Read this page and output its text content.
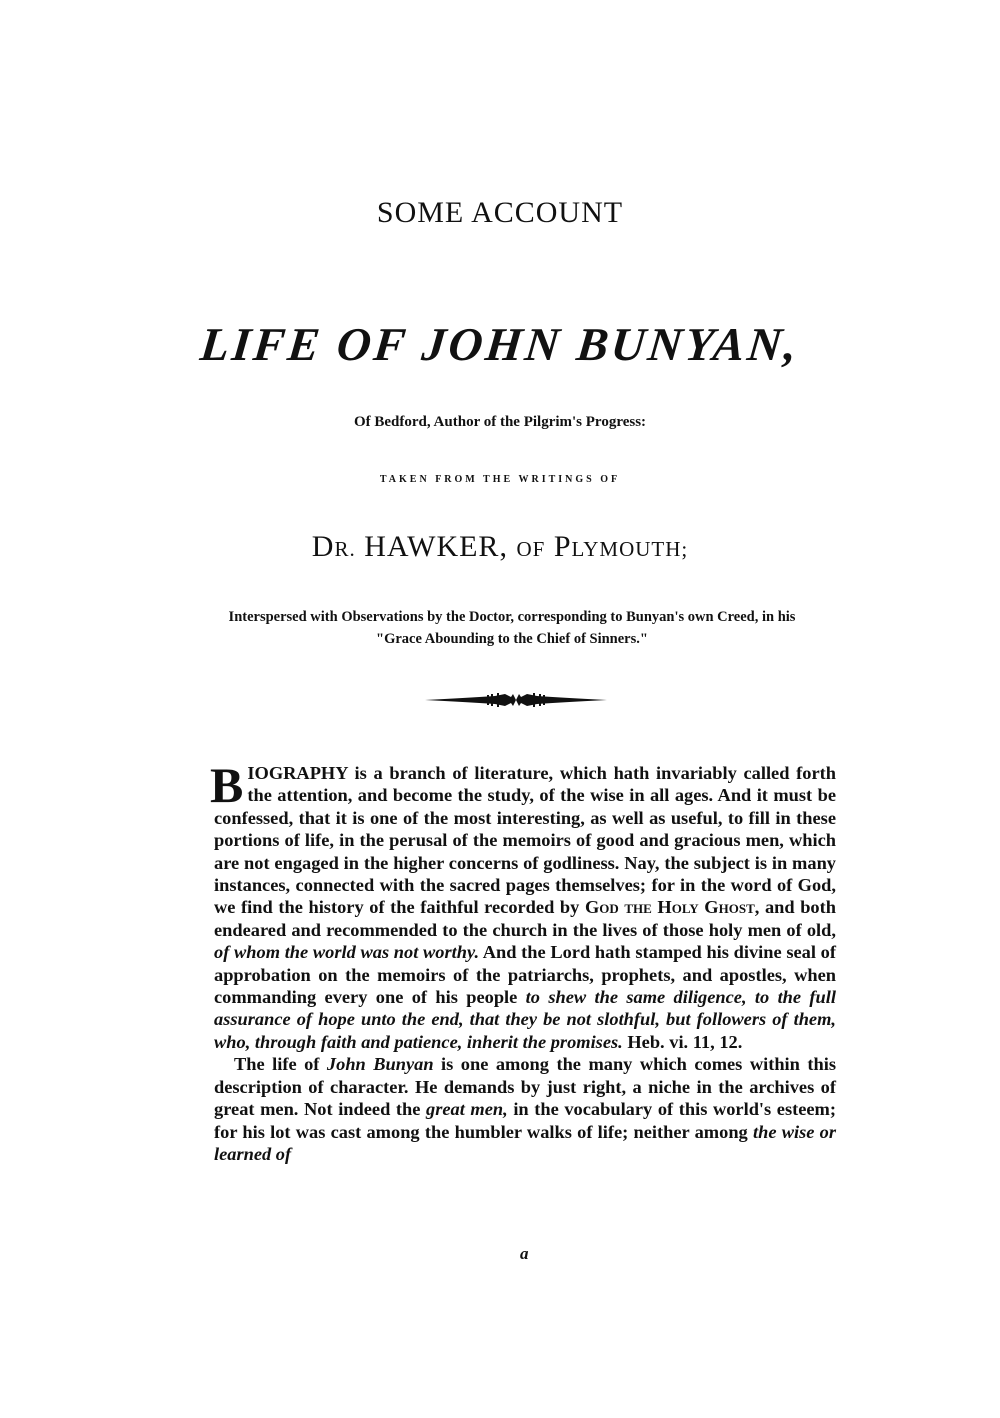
SOME ACCOUNT
LIFE OF JOHN BUNYAN,
Of Bedford, Author of the Pilgrim's Progress:
TAKEN FROM THE WRITINGS OF
DR. HAWKER, OF PLYMOUTH;
Interspersed with Observations by the Doctor, corresponding to Bunyan's own Creed, in his "Grace Abounding to the Chief of Sinners."

BIOGRAPHY is a branch of literature, which hath invariably called forth the attention, and become the study, of the wise in all ages. And it must be confessed, that it is one of the most interesting, as well as useful, to fill in these portions of life, in the perusal of the memoirs of good and gracious men, which are not engaged in the higher concerns of godliness. Nay, the subject is in many instances, connected with the sacred pages themselves; for in the word of God, we find the history of the faithful recorded by God the Holy Ghost, and both endeared and recommended to the church in the lives of those holy men of old, of whom the world was not worthy. And the Lord hath stamped his divine seal of approbation on the memoirs of the patriarchs, prophets, and apostles, when commanding every one of his people to shew the same diligence, to the full assurance of hope unto the end, that they be not slothful, but followers of them, who, through faith and patience, inherit the promises. Heb. vi. 11, 12.

The life of John Bunyan is one among the many which comes within this description of character. He demands by just right, a niche in the archives of great men. Not indeed the great men, in the vocabulary of this world's esteem; for his lot was cast among the humbler walks of life; neither among the wise or learned of

a
